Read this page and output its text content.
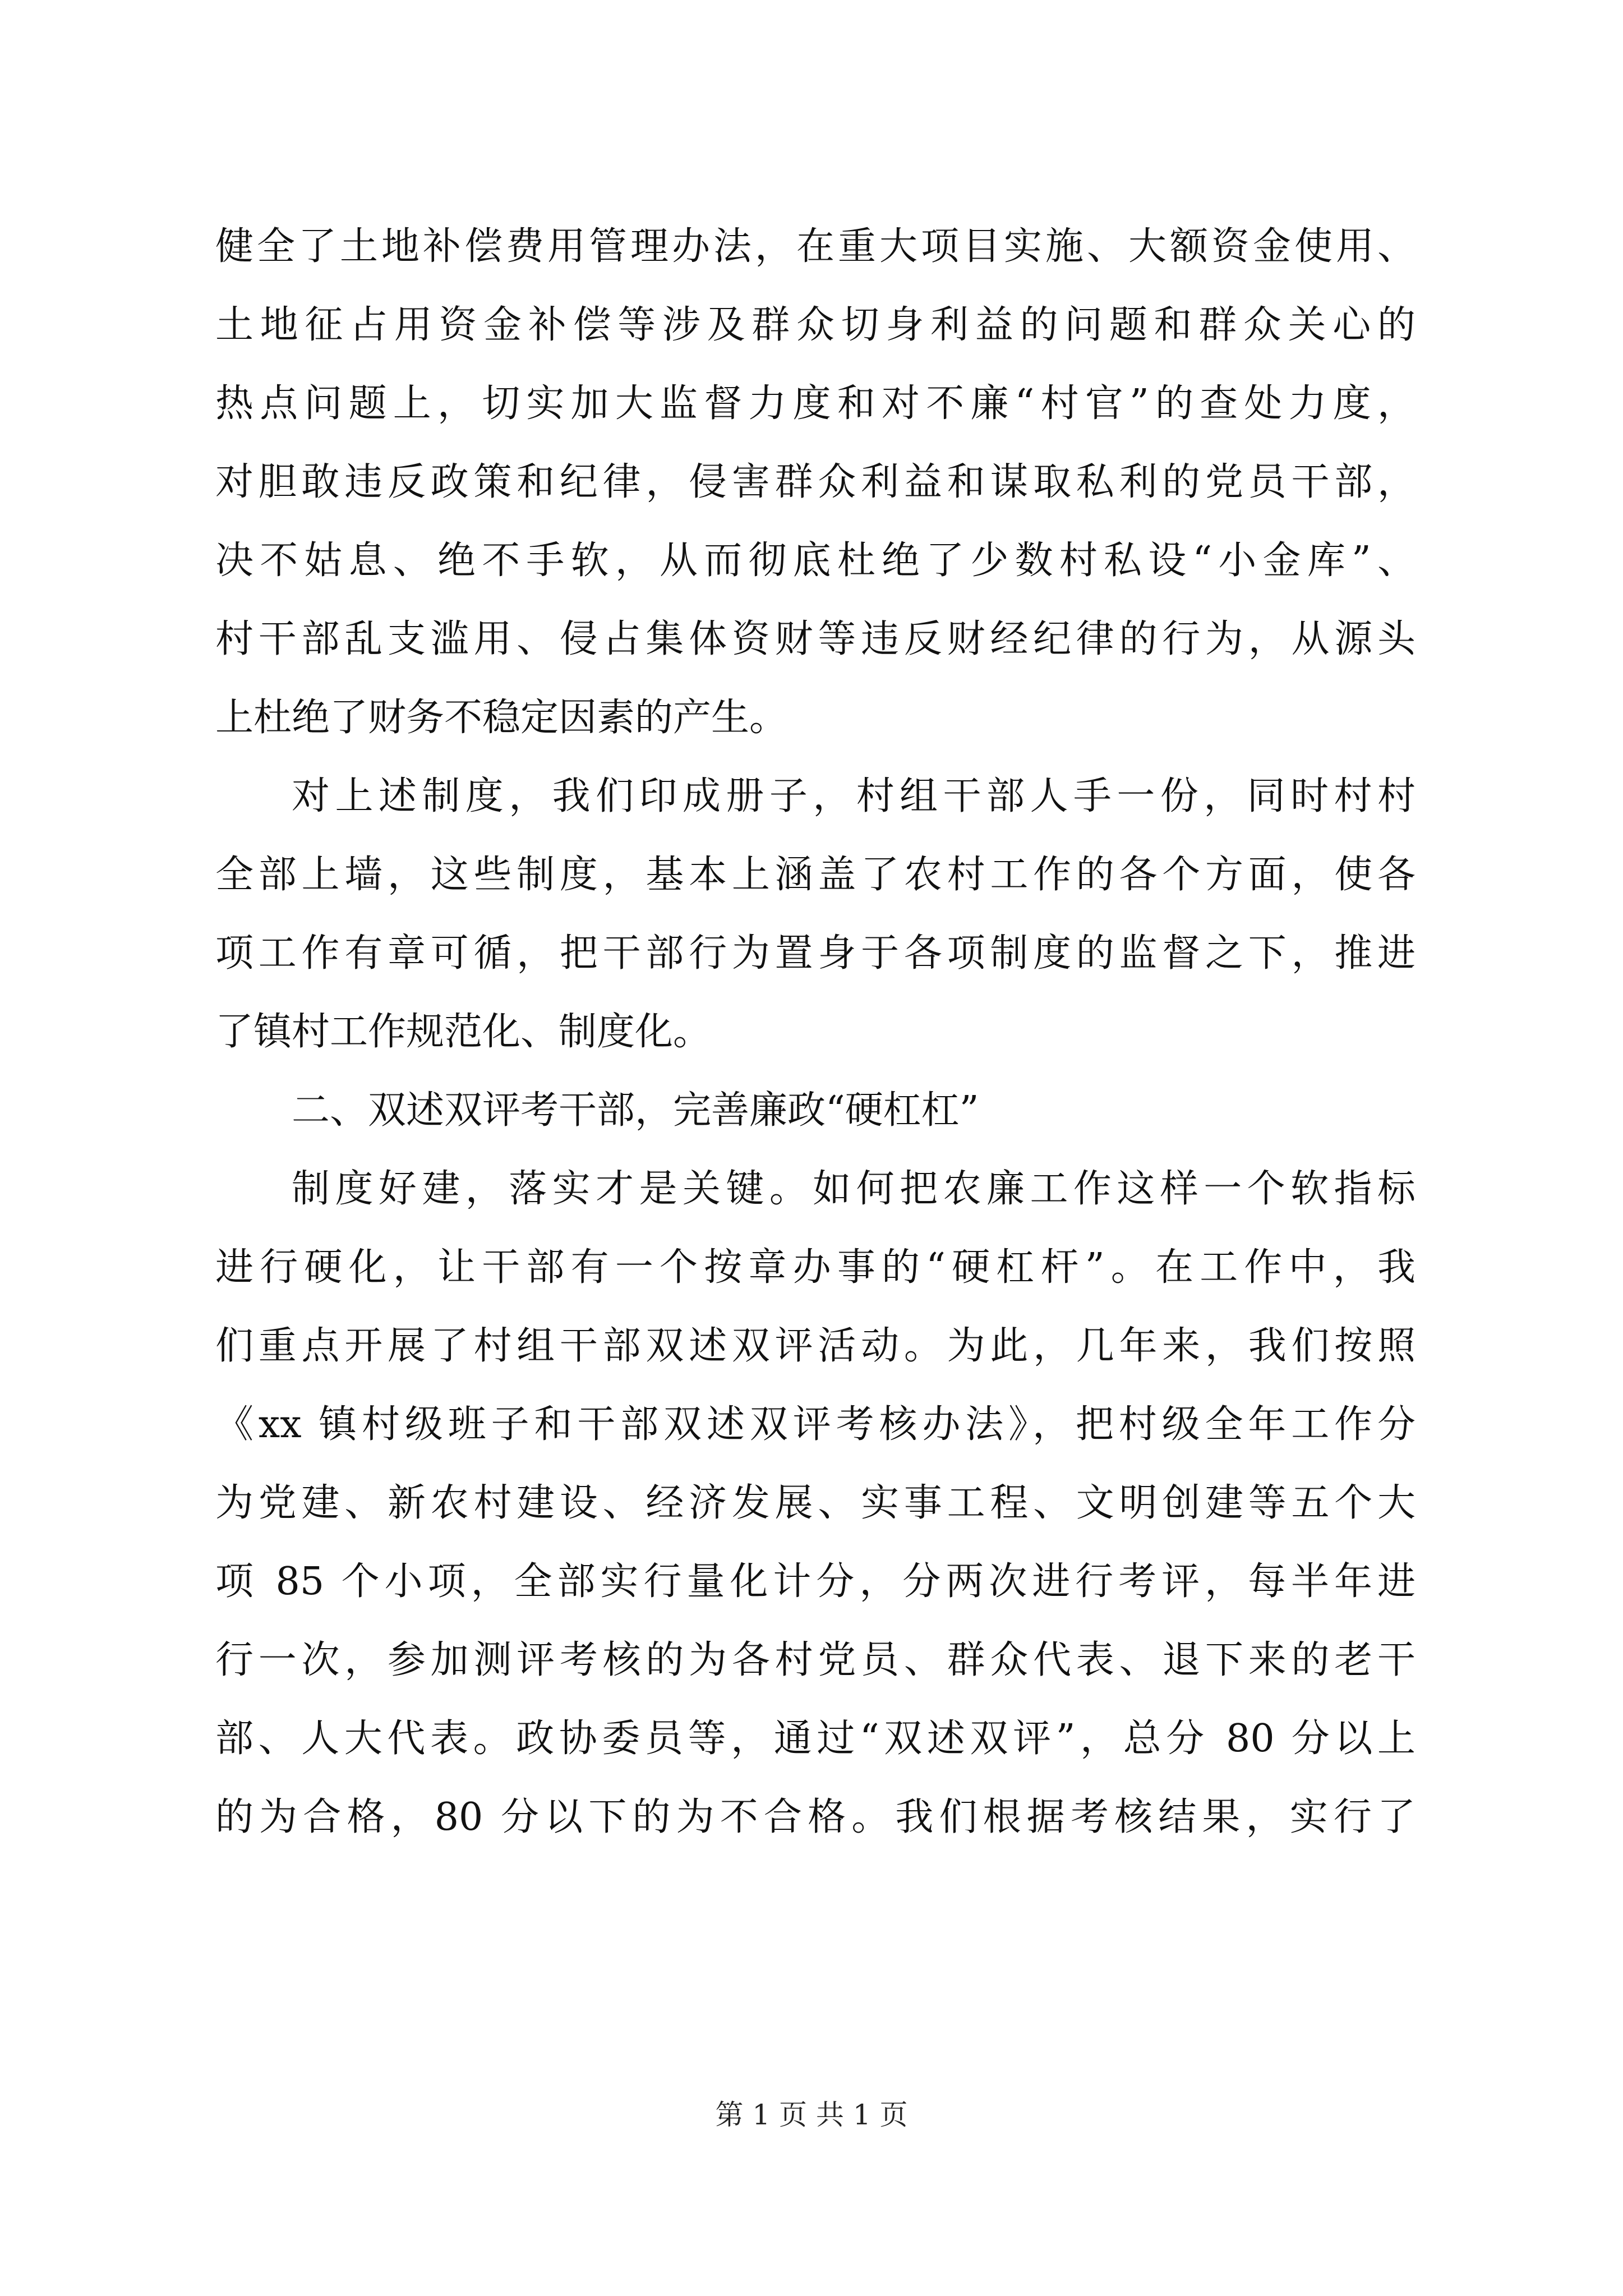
健全了土地补偿费用管理办法，在重大项目实施、大额资金使用、
土地征占用资金补偿等涉及群众切身利益的问题和群众关心的
热点问题上，切实加大监督力度和对不廉“村官”的查处力度，
对胆敢违反政策和纪律，侵害群众利益和谋取私利的党员干部，
决不姑息、绝不手软，从而彻底杜绝了少数村私设“小金库”、
村干部乱支滥用、侵占集体资财等违反财经纪律的行为，从源头
上杜绝了财务不稳定因素的产生。
对上述制度，我们印成册子，村组干部人手一份，同时村村
全部上墙，这些制度，基本上涵盖了农村工作的各个方面，使各
项工作有章可循，把干部行为置身于各项制度的监督之下，推进
了镇村工作规范化、制度化。
二、双述双评考干部，完善廉政“硬杠杠”
制度好建，落实才是关键。如何把农廉工作这样一个软指标
进行硬化，让干部有一个按章办事的“硬杠杆”。在工作中，我
们重点开展了村组干部双述双评活动。为此，几年来，我们按照
《xx 镇村级班子和干部双述双评考核办法》，把村级全年工作分
为党建、新农村建设、经济发展、实事工程、文明创建等五个大
项 85 个小项，全部实行量化计分，分两次进行考评，每半年进
行一次，参加测评考核的为各村党员、群众代表、退下来的老干
部、人大代表。政协委员等，通过“双述双评”，总分 80 分以上
的为合格，80 分以下的为不合格。我们根据考核结果，实行了
第 1 页 共 1 页
